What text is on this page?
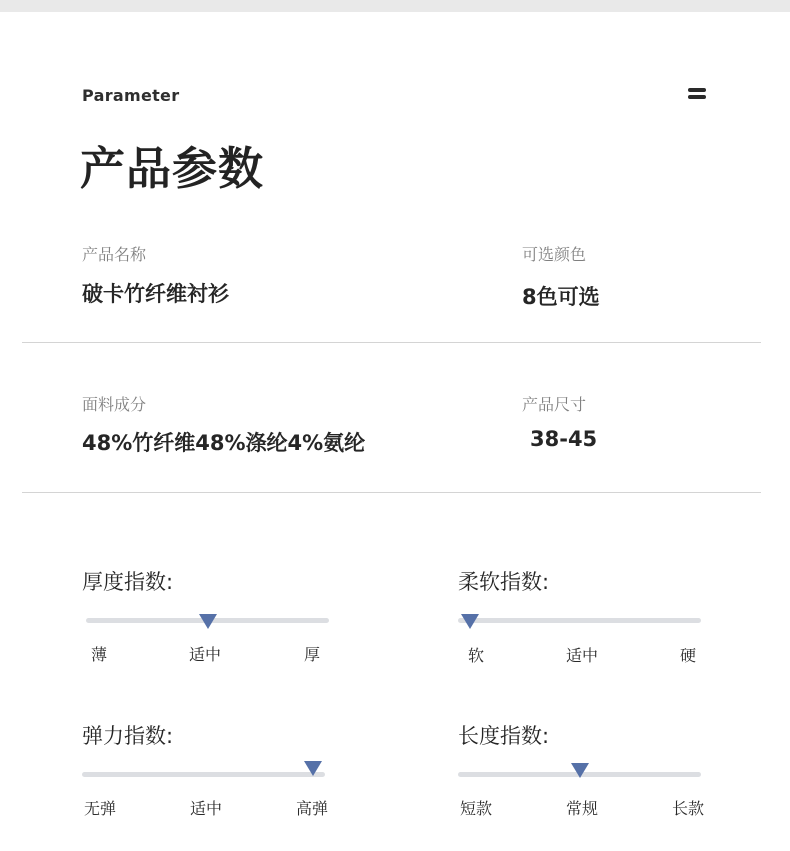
Parameter
产品参数
产品名称
破卡竹纤维衬衫
可选颜色
8色可选
面料成分
48%竹纤维48%涤纶4%氨纶
产品尺寸
38-45
厚度指数:
薄	适中	厚
柔软指数:
软	适中	硬
弹力指数:
无弹	适中	高弹
长度指数:
短款	常规	长款
